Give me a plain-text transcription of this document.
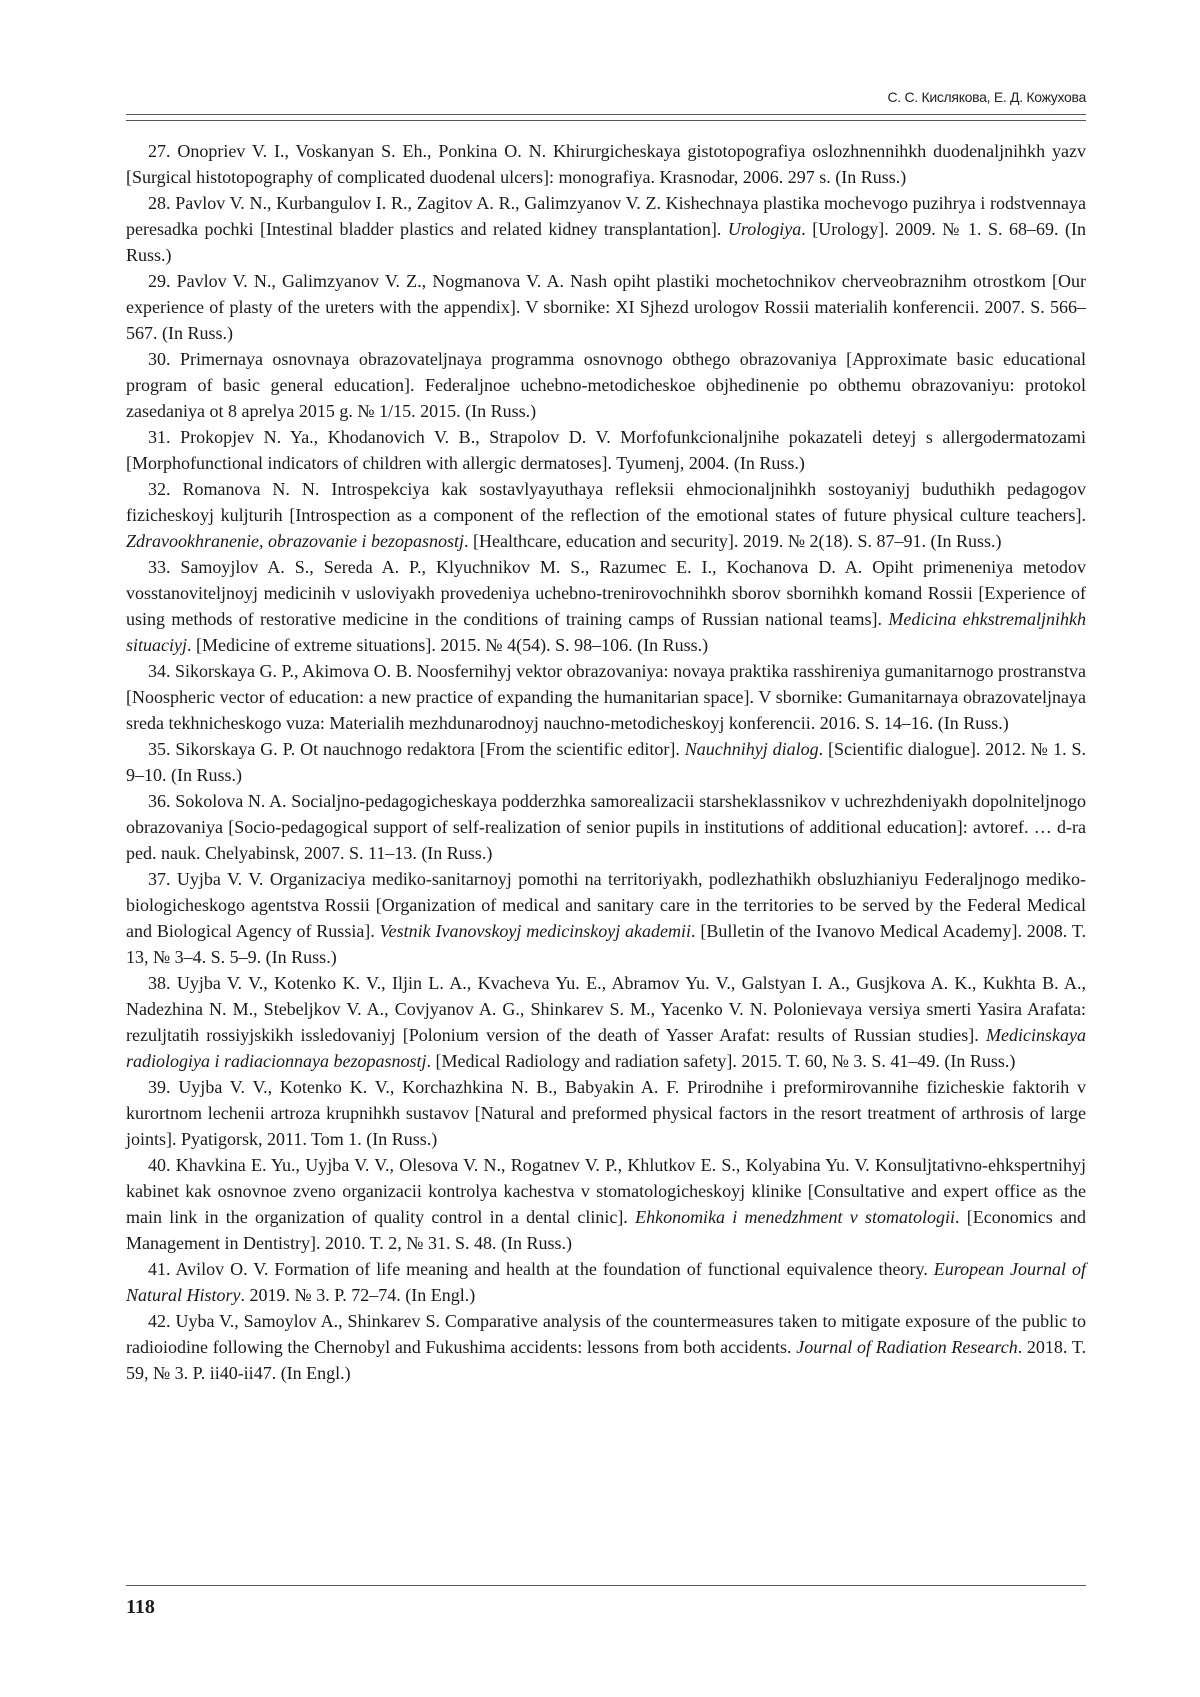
С. С. Кислякова, Е. Д. Кожухова

27. Onopriev V. I., Voskanyan S. Eh., Ponkina O. N. Khirurgicheskaya gistotopografiya oslozhnennihkh duodenaljnihkh yazv [Surgical histotopography of complicated duodenal ulcers]: monografiya. Krasnodar, 2006. 297 s. (In Russ.)

28. Pavlov V. N., Kurbangulov I. R., Zagitov A. R., Galimzyanov V. Z. Kishechnaya plastika mochevogo puzihrya i rodstvennaya peresadka pochki [Intestinal bladder plastics and related kidney transplantation]. Urologiya. [Urology]. 2009. № 1. S. 68–69. (In Russ.)

29. Pavlov V. N., Galimzyanov V. Z., Nogmanova V. A. Nash opiht plastiki mochetochnikov cherveobraznihm otrostkom [Our experience of plasty of the ureters with the appendix]. V sbornike: XI Sjhezd urologov Rossii materialih konferencii. 2007. S. 566–567. (In Russ.)

30. Primernaya osnovnaya obrazovateljnaya programma osnovnogo obthego obrazovaniya [Approximate basic educational program of basic general education]. Federaljnoe uchebno-metodicheskoe objhedinenie po obthemu obrazovaniyu: protokol zasedaniya ot 8 aprelya 2015 g. № 1/15. 2015. (In Russ.)

31. Prokopjev N. Ya., Khodanovich V. B., Strapolov D. V. Morfofunkcionaljnihe pokazateli deteyj s allergodermatozami [Morphofunctional indicators of children with allergic dermatoses]. Tyumenj, 2004. (In Russ.)

32. Romanova N. N. Introspekciya kak sostavlyayuthaya refleksii ehmocionaljnihkh sostoyaniyj buduthikh pedagogov fizicheskoyj kuljturih [Introspection as a component of the reflection of the emotional states of future physical culture teachers]. Zdravookhranenie, obrazovanie i bezopasnostj. [Healthcare, education and security]. 2019. № 2(18). S. 87–91. (In Russ.)

33. Samoyjlov A. S., Sereda A. P., Klyuchnikov M. S., Razumec E. I., Kochanova D. A. Opiht primeneniya metodov vosstanoviteljnoyj medicinih v usloviyakh provedeniya uchebno-trenirovochnihkh sborov sbornihkh komand Rossii [Experience of using methods of restorative medicine in the conditions of training camps of Russian national teams]. Medicina ehkstremaljnihkh situaciyj. [Medicine of extreme situations]. 2015. № 4(54). S. 98–106. (In Russ.)

34. Sikorskaya G. P., Akimova O. B. Noosfernihyj vektor obrazovaniya: novaya praktika rasshireniya gumanitarnogo prostranstva [Noospheric vector of education: a new practice of expanding the humanitarian space]. V sbornike: Gumanitarnaya obrazovateljnaya sreda tekhnicheskogo vuza: Materialih mezhdunarodnoyj nauchno-metodicheskoyj konferencii. 2016. S. 14–16. (In Russ.)

35. Sikorskaya G. P. Ot nauchnogo redaktora [From the scientific editor]. Nauchnihyj dialog. [Scientific dialogue]. 2012. № 1. S. 9–10. (In Russ.)

36. Sokolova N. A. Socialjno-pedagogicheskaya podderzhka samorealizacii starsheklassnikov v uchrezhdeniyakh dopolniteljnogo obrazovaniya [Socio-pedagogical support of self-realization of senior pupils in institutions of additional education]: avtoref. … d-ra ped. nauk. Chelyabinsk, 2007. S. 11–13. (In Russ.)

37. Uyjba V. V. Organizaciya mediko-sanitarnoyj pomothi na territoriyakh, podlezhathikh obsluzhianiyu Federaljnogo mediko-biologicheskogo agentstva Rossii [Organization of medical and sanitary care in the territories to be served by the Federal Medical and Biological Agency of Russia]. Vestnik Ivanovskoyj medicinskoyj akademii. [Bulletin of the Ivanovo Medical Academy]. 2008. T. 13, № 3–4. S. 5–9. (In Russ.)

38. Uyjba V. V., Kotenko K. V., Iljin L. A., Kvacheva Yu. E., Abramov Yu. V., Galstyan I. A., Gusjkova A. K., Kukhta B. A., Nadezhina N. M., Stebeljkov V. A., Covjyanov A. G., Shinkarev S. M., Yacenko V. N. Polonievaya versiya smerti Yasira Arafata: rezuljtatih rossiyjskikh issledovaniyj [Polonium version of the death of Yasser Arafat: results of Russian studies]. Medicinskaya radiologiya i radiacionnaya bezopasnostj. [Medical Radiology and radiation safety]. 2015. T. 60, № 3. S. 41–49. (In Russ.)

39. Uyjba V. V., Kotenko K. V., Korchazhkina N. B., Babyakin A. F. Prirodnihe i preformirovannihe fizicheskie faktorih v kurortnom lechenii artroza krupnihkh sustavov [Natural and preformed physical factors in the resort treatment of arthrosis of large joints]. Pyatigorsk, 2011. Tom 1. (In Russ.)

40. Khavkina E. Yu., Uyjba V. V., Olesova V. N., Rogatnev V. P., Khlutkov E. S., Kolyabina Yu. V. Konsuljtativno-ehkspertnihyj kabinet kak osnovnoe zveno organizacii kontrolya kachestva v stomatologicheskoyj klinike [Consultative and expert office as the main link in the organization of quality control in a dental clinic]. Ehkonomika i menedzhment v stomatologii. [Economics and Management in Dentistry]. 2010. T. 2, № 31. S. 48. (In Russ.)

41. Avilov O. V. Formation of life meaning and health at the foundation of functional equivalence theory. European Journal of Natural History. 2019. № 3. P. 72–74. (In Engl.)

42. Uyba V., Samoylov A., Shinkarev S. Comparative analysis of the countermeasures taken to mitigate exposure of the public to radioiodine following the Chernobyl and Fukushima accidents: lessons from both accidents. Journal of Radiation Research. 2018. T. 59, № 3. P. ii40-ii47. (In Engl.)

118
